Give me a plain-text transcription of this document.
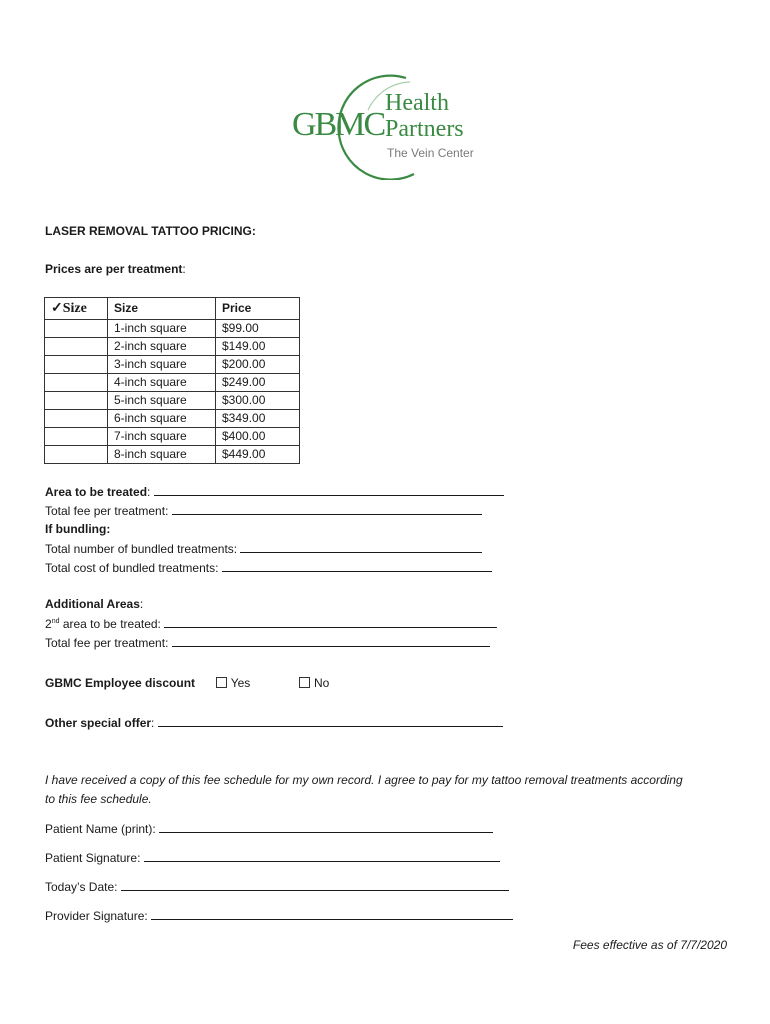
GBMC
Health
Partners
The Vein Center
LASER REMOVAL TATTOO PRICING:
Prices are per treatment:
✓Size	Size	Price
	1-inch square	$99.00
	2-inch square	$149.00
	3-inch square	$200.00
	4-inch square	$249.00
	5-inch square	$300.00
	6-inch square	$349.00
	7-inch square	$400.00
	8-inch square	$449.00
Area to be treated:
Total fee per treatment:
If bundling:
Total number of bundled treatments:
Total cost of bundled treatments:
Additional Areas:
2nd area to be treated:
Total fee per treatment:
GBMC Employee discount	Yes	No
Other special offer:
I have received a copy of this fee schedule for my own record. I agree to pay for my tattoo removal treatments according
to this fee schedule.
Patient Name (print):
Patient Signature:
Today’s Date:
Provider Signature:
Fees effective as of 7/7/2020
